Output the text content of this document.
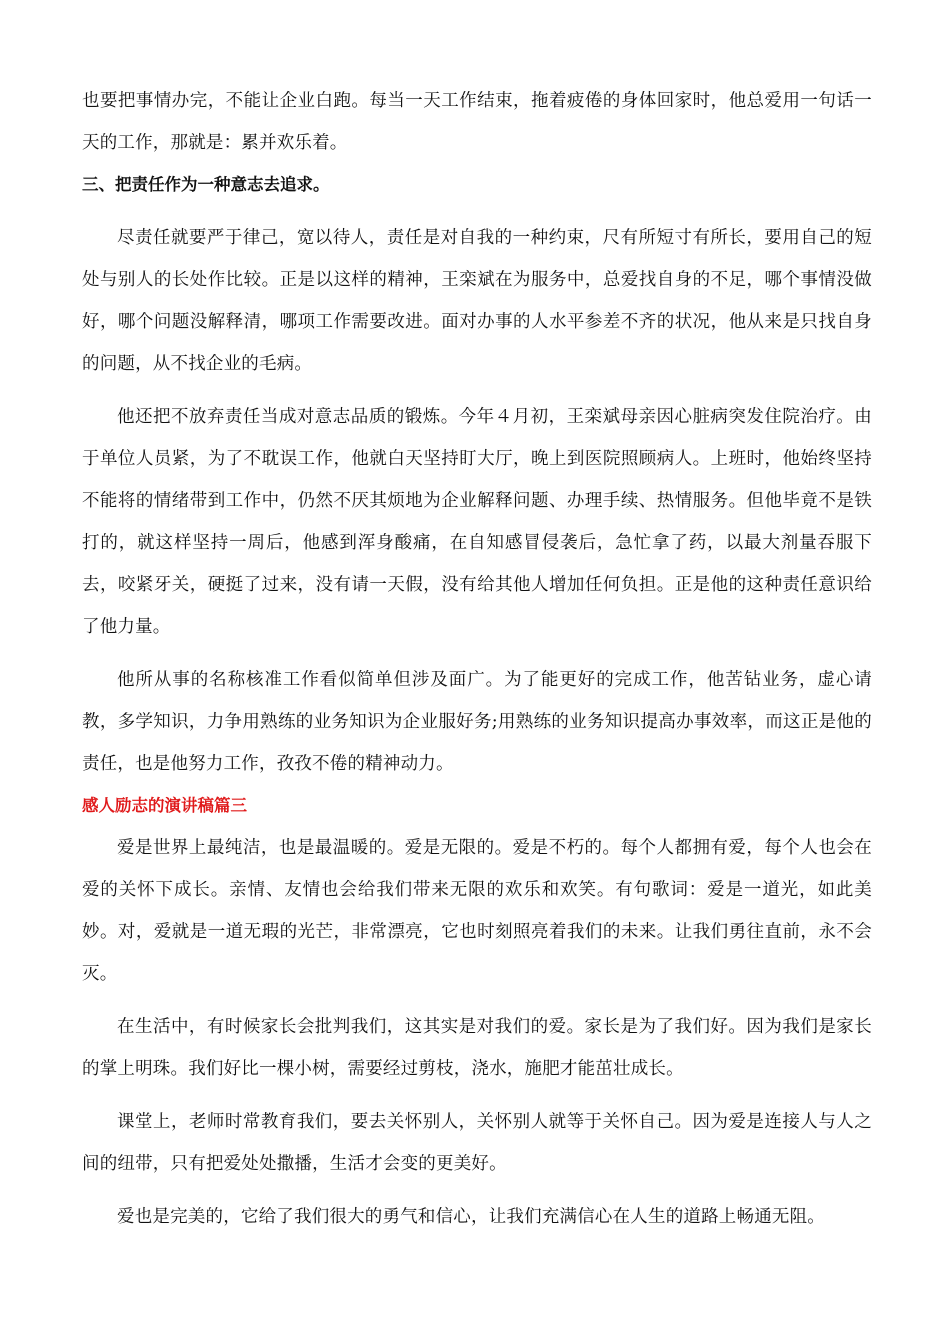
也要把事情办完，不能让企业白跑。每当一天工作结束，拖着疲倦的身体回家时，他总爱用一句话一天的工作，那就是：累并欢乐着。

三、把责任作为一种意志去追求。

尽责任就要严于律己，宽以待人，责任是对自我的一种约束，尺有所短寸有所长，要用自己的短处与别人的长处作比较。正是以这样的精神，王栾斌在为服务中，总爱找自身的不足，哪个事情没做好，哪个问题没解释清，哪项工作需要改进。面对办事的人水平参差不齐的状况，他从来是只找自身的问题，从不找企业的毛病。

他还把不放弃责任当成对意志品质的锻炼。今年４月初，王栾斌母亲因心脏病突发住院治疗。由于单位人员紧，为了不耽误工作，他就白天坚持盯大厅，晚上到医院照顾病人。上班时，他始终坚持不能将的情绪带到工作中，仍然不厌其烦地为企业解释问题、办理手续、热情服务。但他毕竟不是铁打的，就这样坚持一周后，他感到浑身酸痛，在自知感冒侵袭后，急忙拿了药，以最大剂量吞服下去，咬紧牙关，硬挺了过来，没有请一天假，没有给其他人增加任何负担。正是他的这种责任意识给了他力量。

他所从事的名称核准工作看似简单但涉及面广。为了能更好的完成工作，他苦钻业务，虚心请教，多学知识，力争用熟练的业务知识为企业服好务;用熟练的业务知识提高办事效率，而这正是他的责任，也是他努力工作，孜孜不倦的精神动力。

感人励志的演讲稿篇三

爱是世界上最纯洁，也是最温暖的。爱是无限的。爱是不朽的。每个人都拥有爱，每个人也会在爱的关怀下成长。亲情、友情也会给我们带来无限的欢乐和欢笑。有句歌词：爱是一道光，如此美妙。对，爱就是一道无瑕的光芒，非常漂亮，它也时刻照亮着我们的未来。让我们勇往直前，永不会灭。

在生活中，有时候家长会批判我们，这其实是对我们的爱。家长是为了我们好。因为我们是家长的掌上明珠。我们好比一棵小树，需要经过剪枝，浇水，施肥才能茁壮成长。

课堂上，老师时常教育我们，要去关怀别人，关怀别人就等于关怀自己。因为爱是连接人与人之间的纽带，只有把爱处处撒播，生活才会变的更美好。

爱也是完美的，它给了我们很大的勇气和信心，让我们充满信心在人生的道路上畅通无阻。
